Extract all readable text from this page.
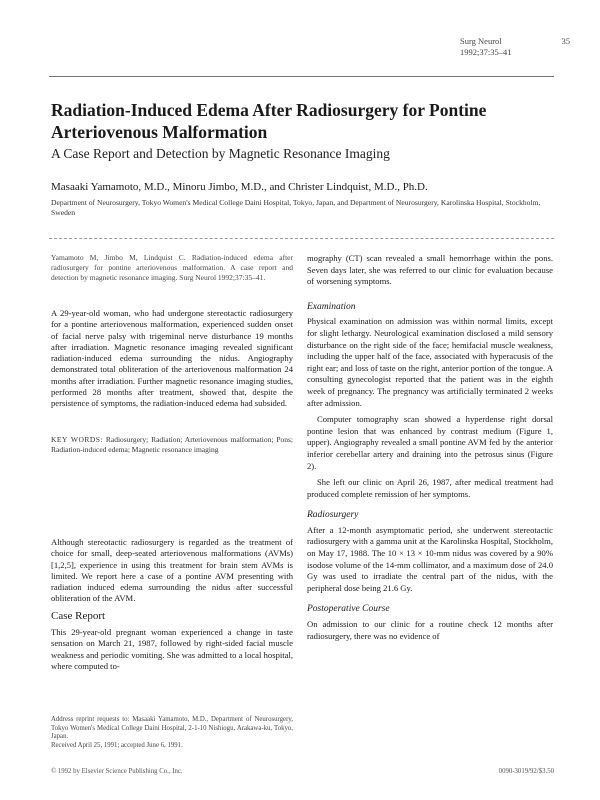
Surg Neurol	35
1992;37:35–41
Radiation-Induced Edema After Radiosurgery for Pontine Arteriovenous Malformation
A Case Report and Detection by Magnetic Resonance Imaging
Masaaki Yamamoto, M.D., Minoru Jimbo, M.D., and Christer Lindquist, M.D., Ph.D.
Department of Neurosurgery, Tokyo Women's Medical College Daini Hospital, Tokyo, Japan, and Department of Neurosurgery, Karolinska Hospital, Stockholm, Sweden
Yamamoto M, Jimbo M, Lindquist C. Radiation-induced edema after radiosurgery for pontine arteriovenous malformation. A case report and detection by magnetic resonance imaging. Surg Neurol 1992;37:35–41.
A 29-year-old woman, who had undergone stereotactic radiosurgery for a pontine arteriovenous malformation, experienced sudden onset of facial nerve palsy with trigeminal nerve disturbance 19 months after irradiation. Magnetic resonance imaging revealed significant radiation-induced edema surrounding the nidus. Angiography demonstrated total obliteration of the arteriovenous malformation 24 months after irradiation. Further magnetic resonance imaging studies, performed 28 months after treatment, showed that, despite the persistence of symptoms, the radiation-induced edema had subsided.
KEY WORDS: Radiosurgery; Radiation; Arteriovenous malformation; Pons; Radiation-induced edema; Magnetic resonance imaging
Although stereotactic radiosurgery is regarded as the treatment of choice for small, deep-seated arteriovenous malformations (AVMs) [1,2,5], experience in using this treatment for brain stem AVMs is limited. We report here a case of a pontine AVM presenting with radiation induced edema surrounding the nidus after successful obliteration of the AVM.
Case Report

This 29-year-old pregnant woman experienced a change in taste sensation on March 21, 1987, followed by right-sided facial muscle weakness and periodic vomiting. She was admitted to a local hospital, where computed to-

Address reprint requests to: Masaaki Yamamoto, M.D., Department of Neurosurgery, Tokyo Women's Medical College Daini Hospital, 2-1-10 Nishiogu, Arakawa-ku, Tokyo, Japan.
Received April 25, 1991; accepted June 6, 1991.
© 1992 by Elsevier Science Publishing Co., Inc.	0090-3019/92/$3.50

mography (CT) scan revealed a small hemorrhage within the pons. Seven days later, she was referred to our clinic for evaluation because of worsening symptoms.

Examination

Physical examination on admission was within normal limits, except for slight lethargy. Neurological examination disclosed a mild sensory disturbance on the right side of the face; hemifacial muscle weakness, including the upper half of the face, associated with hyperacusis of the right ear; and loss of taste on the right, anterior portion of the tongue. A consulting gynecologist reported that the patient was in the eighth week of pregnancy. The pregnancy was artificially terminated 2 weeks after admission.

Computer tomography scan showed a hyperdense right dorsal pontine lesion that was enhanced by contrast medium (Figure 1, upper). Angiography revealed a small pontine AVM fed by the anterior inferior cerebellar artery and draining into the petrosus sinus (Figure 2).

She left our clinic on April 26, 1987, after medical treatment had produced complete remission of her symptoms.

Radiosurgery

After a 12-month asymptomatic period, she underwent stereotactic radiosurgery with a gamma unit at the Karolinska Hospital, Stockholm, on May 17, 1988. The 10 × 13 × 10-mm nidus was covered by a 90% isodose volume of the 14-mm collimator, and a maximum dose of 24.0 Gy was used to irradiate the central part of the nidus, with the peripheral dose being 21.6 Gy.

Postoperative Course

On admission to our clinic for a routine check 12 months after radiosurgery, there was no evidence of
